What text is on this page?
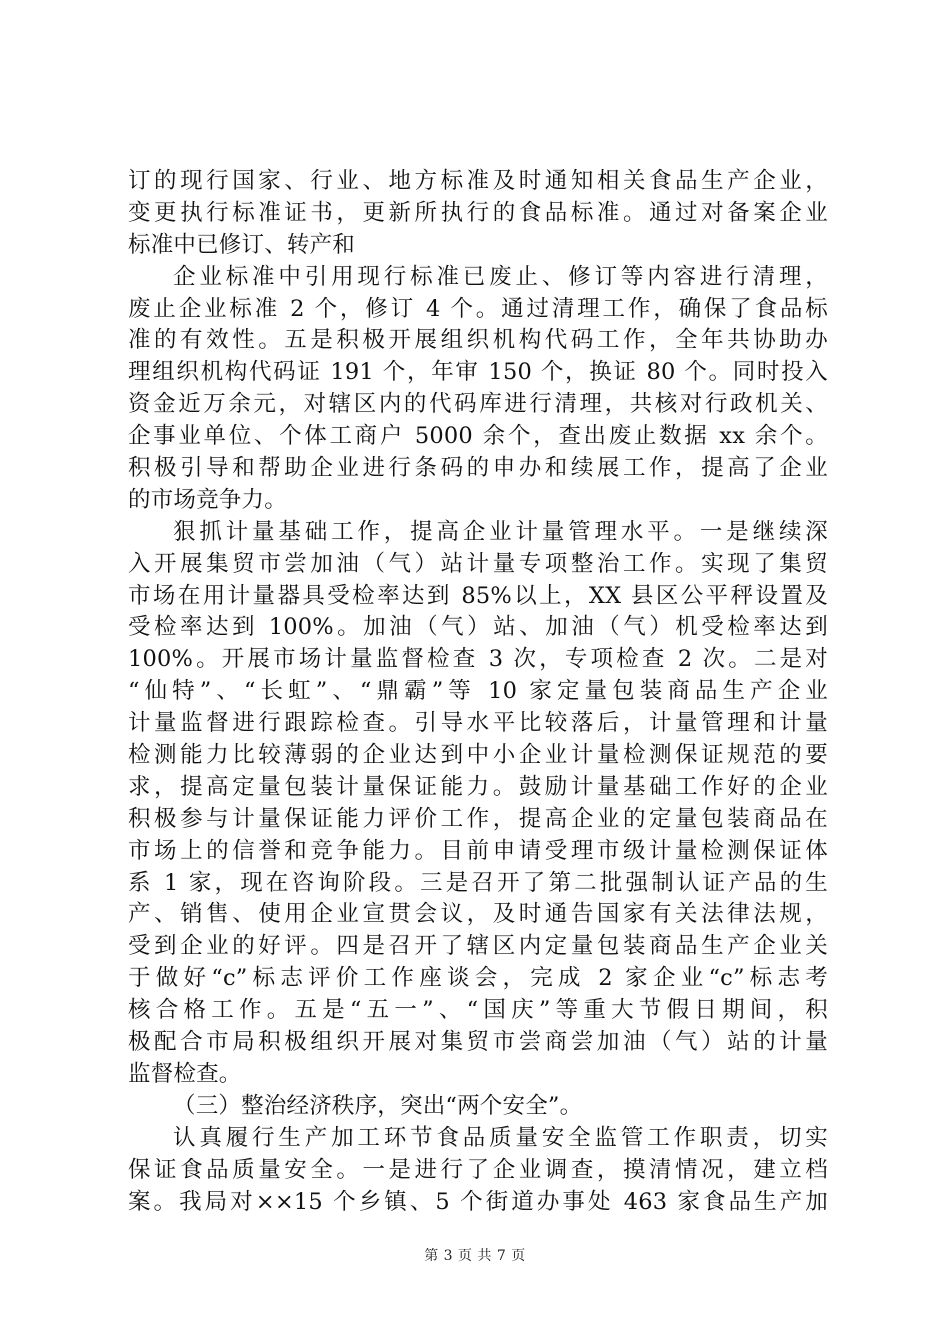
订的现行国家、行业、地方标准及时通知相关食品生产企业，
变更执行标准证书，更新所执行的食品标准。通过对备案企业
标准中已修订、转产和
企业标准中引用现行标准已废止、修订等内容进行清理，
废止企业标准 2 个，修订 4 个。通过清理工作，确保了食品标
准的有效性。五是积极开展组织机构代码工作，全年共协助办
理组织机构代码证 191 个，年审 150 个，换证 80 个。同时投入
资金近万余元，对辖区内的代码库进行清理，共核对行政机关、
企事业单位、个体工商户 5000 余个，查出废止数据 xx 余个。
积极引导和帮助企业进行条码的申办和续展工作，提高了企业
的市场竞争力。
狠抓计量基础工作，提高企业计量管理水平。一是继续深
入开展集贸市尝加油（气）站计量专项整治工作。实现了集贸
市场在用计量器具受检率达到 85%以上，XX 县区公平秤设置及
受检率达到 100%。加油（气）站、加油（气）机受检率达到
100%。开展市场计量监督检查 3 次，专项检查 2 次。二是对
“仙特”、“长虹”、“鼎霸”等 10 家定量包装商品生产企业
计量监督进行跟踪检查。引导水平比较落后，计量管理和计量
检测能力比较薄弱的企业达到中小企业计量检测保证规范的要
求，提高定量包装计量保证能力。鼓励计量基础工作好的企业
积极参与计量保证能力评价工作，提高企业的定量包装商品在
市场上的信誉和竞争能力。目前申请受理市级计量检测保证体
系 1 家，现在咨询阶段。三是召开了第二批强制认证产品的生
产、销售、使用企业宣贯会议，及时通告国家有关法律法规，
受到企业的好评。四是召开了辖区内定量包装商品生产企业关
于做好“c”标志评价工作座谈会，完成 2 家企业“c”标志考
核合格工作。五是“五一”、“国庆”等重大节假日期间，积
极配合市局积极组织开展对集贸市尝商尝加油（气）站的计量
监督检查。
（三）整治经济秩序，突出“两个安全”。
认真履行生产加工环节食品质量安全监管工作职责，切实
保证食品质量安全。一是进行了企业调查，摸清情况，建立档
案。我局对××15 个乡镇、5 个街道办事处 463 家食品生产加
第 3 页 共 7 页
